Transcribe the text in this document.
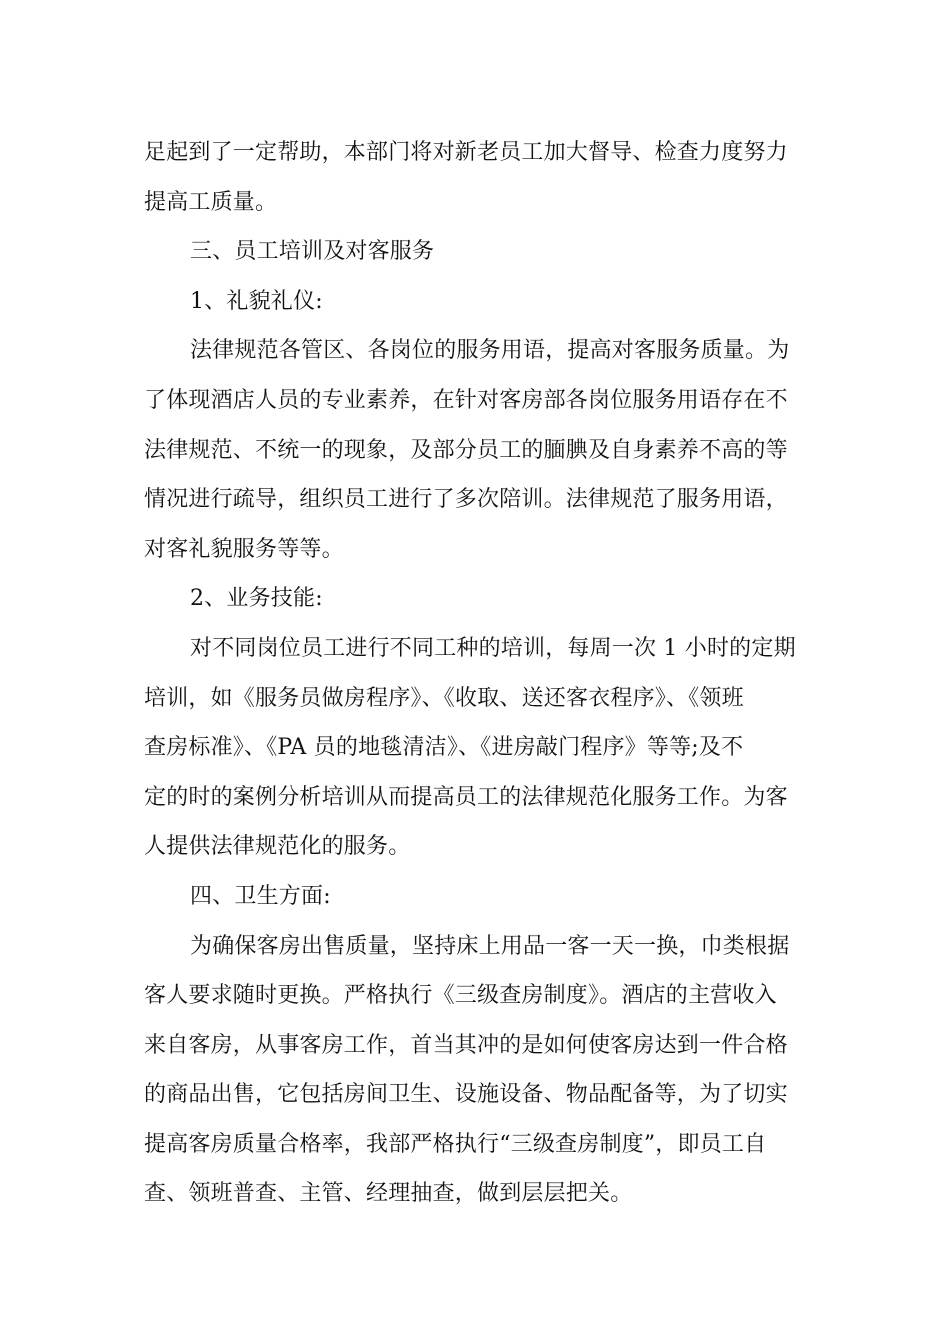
足起到了一定帮助，本部门将对新老员工加大督导、检查力度努力
提高工质量。
三、员工培训及对客服务
1、礼貌礼仪:
法律规范各管区、各岗位的服务用语，提高对客服务质量。为
了体现酒店人员的专业素养，在针对客房部各岗位服务用语存在不
法律规范、不统一的现象，及部分员工的腼腆及自身素养不高的等
情况进行疏导，组织员工进行了多次陪训。法律规范了服务用语，
对客礼貌服务等等。
2、业务技能:
对不同岗位员工进行不同工种的培训，每周一次 1 小时的定期
培训，如《服务员做房程序》、《收取、送还客衣程序》、《领班
查房标准》、《PA 员的地毯清洁》、《进房敲门程序》等等;及不
定的时的案例分析培训从而提高员工的法律规范化服务工作。为客
人提供法律规范化的服务。
四、卫生方面:
为确保客房出售质量，坚持床上用品一客一天一换，巾类根据
客人要求随时更换。严格执行《三级查房制度》。酒店的主营收入
来自客房，从事客房工作，首当其冲的是如何使客房达到一件合格
的商品出售，它包括房间卫生、设施设备、物品配备等，为了切实
提高客房质量合格率，我部严格执行“三级查房制度”，即员工自
查、领班普查、主管、经理抽查，做到层层把关。
